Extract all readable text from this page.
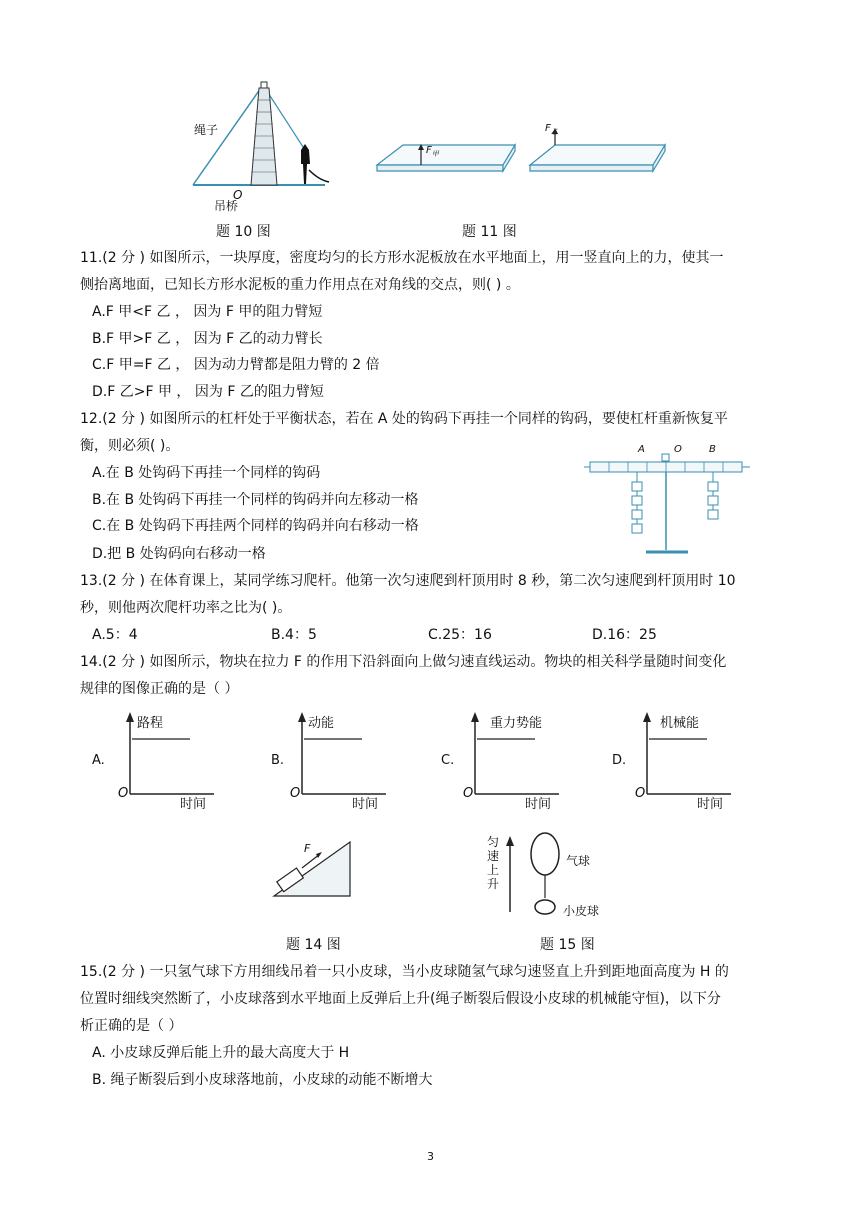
绳子
O
吊桥
$F_甲$
$F_乙$
题 10 图	题 11 图
11.(2 分 ) 如图所示，一块厚度，密度均匀的长方形水泥板放在水平地面上，用一竖直向上的力，使其一
侧抬离地面，已知长方形水泥板的重力作用点在对角线的交点，则( ) 。
A.F 甲<F 乙 ， 因为 F 甲的阻力臂短
B.F 甲>F 乙 ， 因为 F 乙的动力臂长
C.F 甲=F 乙 ， 因为动力臂都是阻力臂的 2 倍
D.F 乙>F 甲 ， 因为 F 乙的阻力臂短
12.(2 分 ) 如图所示的杠杆处于平衡状态，若在 A 处的钩码下再挂一个同样的钩码，要使杠杆重新恢复平
衡，则必须( )。
A.在 B 处钩码下再挂一个同样的钩码
B.在 B 处钩码下再挂一个同样的钩码并向左移动一格
C.在 B 处钩码下再挂两个同样的钩码并向右移动一格
D.把 B 处钩码向右移动一格
A	O	B
13.(2 分 ) 在体育课上，某同学练习爬杆。他第一次匀速爬到杆顶用时 8 秒，第二次匀速爬到杆顶用时 10
秒，则他两次爬杆功率之比为( )。
A.5：4	B.4：5	C.25：16	D.16：25
14.(2 分 ) 如图所示，物块在拉力 F 的作用下沿斜面向上做匀速直线运动。物块的相关科学量随时间变化
规律的图像正确的是（ ）
A.
路程
O
时间
B.
动能
O
时间
C.
重力势能
O
时间
D.
机械能
O
时间
F	匀
速
上
升
气球
小皮球
题 14 图	题 15 图
15.(2 分 ) 一只氢气球下方用细线吊着一只小皮球，当小皮球随氢气球匀速竖直上升到距地面高度为 H 的
位置时细线突然断了，小皮球落到水平地面上反弹后上升(绳子断裂后假设小皮球的机械能守恒)，以下分
析正确的是（ ）
A. 小皮球反弹后能上升的最大高度大于 H
B. 绳子断裂后到小皮球落地前，小皮球的动能不断增大
3
